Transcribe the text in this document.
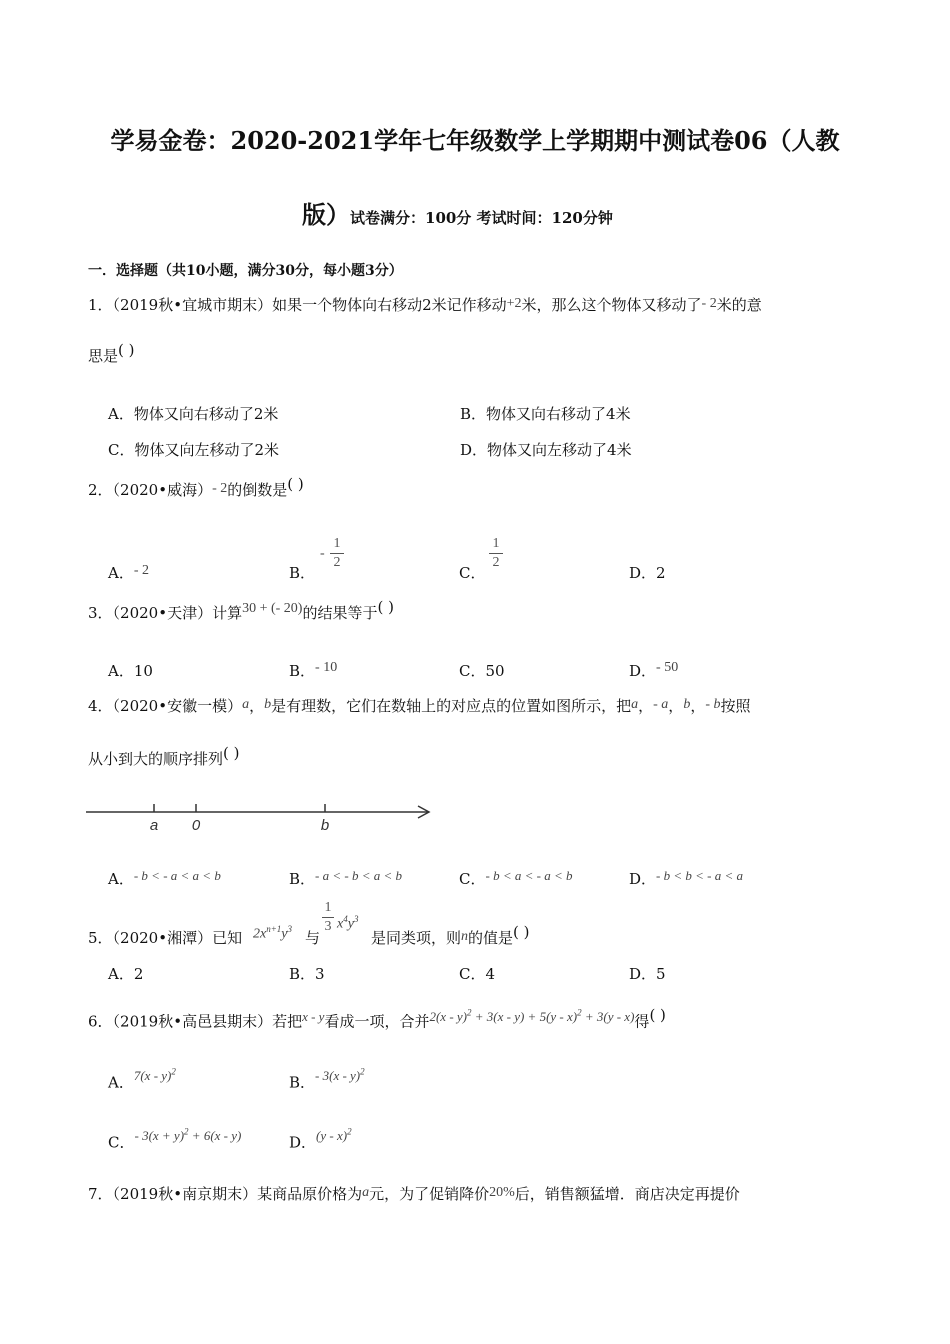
学易金卷：2020-2021学年七年级数学上学期期中测试卷06（人教
版）试卷满分：100分 考试时间：120分钟
一．选择题（共10小题，满分30分，每小题3分）
1．（2019秋•宜城市期末）如果一个物体向右移动2米记作移动+2米，那么这个物体又移动了- 2米的意
思是( )
A．物体又向右移动了2米	B．物体又向右移动了4米
C．物体又向左移动了2米	D．物体又向左移动了4米
2．（2020•威海）- 2的倒数是( )
A．- 2	B．
-
1
2
C．
1
2
D．2
3．（2020•天津）计算30 + (- 20)的结果等于( )
A．10	B．- 10	C．50	D．- 50
4．（2020•安徽一模）a，b是有理数，它们在数轴上的对应点的位置如图所示，把a，- a，b，- b按照
从小到大的顺序排列( )
a 0	b
A．- b < - a < a < b	B．- a < - b < a < b	C．- b < a < - a < b	D．- b < b < - a < a
5．（2020•湘潭）已知 $2x^{n+1}y^3$ 与
1
3 $x^4y^3$
是同类项，则n的值是( )
A．2	B．3	C．4	D．5
6．（2019秋•高邑县期末）若把x - y看成一项，合并2(x - y)$^2$ + 3(x - y) + 5(y - x)$^2$ + 3(y - x)得( )
A．7(x - y)$^2$
B．- 3(x - y)$^2$
C．- $3(x + y)^2 + 6(x - y)$	D．(y - x)$^2$
7．（2019秋•南京期末）某商品原价格为a元，为了促销降价20%后，销售额猛增．商店决定再提价
